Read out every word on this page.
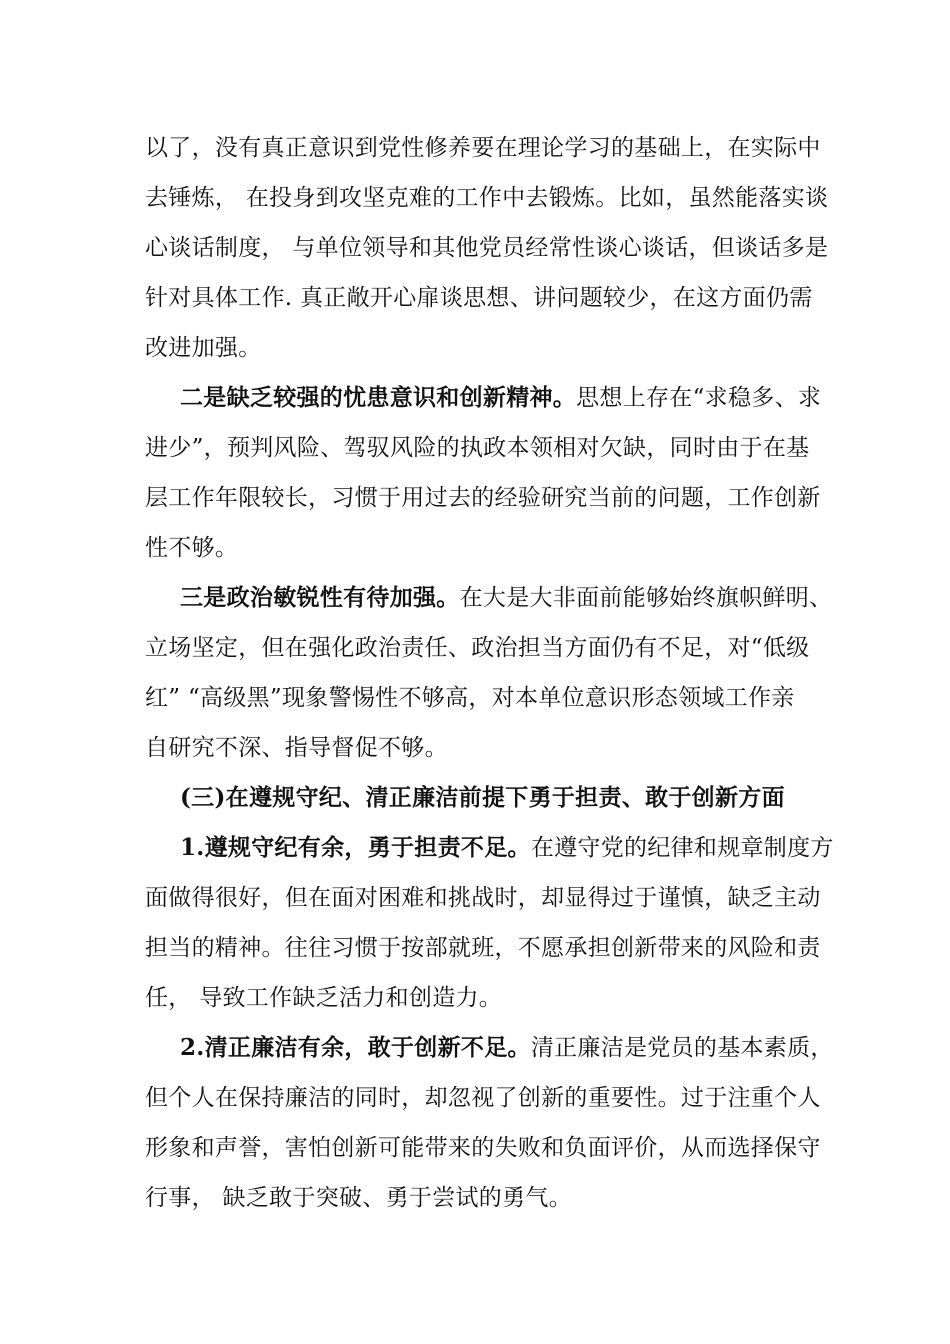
以了，没有真正意识到党性修养要在理论学习的基础上，在实际中
去锤炼， 在投身到攻坚克难的工作中去锻炼。比如，虽然能落实谈
心谈话制度， 与单位领导和其他党员经常性谈心谈话，但谈话多是
针对具体工作. 真正敞开心扉谈思想、讲问题较少，在这方面仍需
改进加强。
二是缺乏较强的忧患意识和创新精神。思想上存在“求稳多、求
进少”，预判风险、驾驭风险的执政本领相对欠缺，同时由于在基
层工作年限较长，习惯于用过去的经验研究当前的问题，工作创新
性不够。
三是政治敏锐性有待加强。在大是大非面前能够始终旗帜鲜明、
立场坚定，但在强化政治责任、政治担当方面仍有不足，对“低级
红” “高级黑”现象警惕性不够高，对本单位意识形态领域工作亲
自研究不深、指导督促不够。
(三)在遵规守纪、清正廉洁前提下勇于担责、敢于创新方面
1.遵规守纪有余，勇于担责不足。在遵守党的纪律和规章制度方
面做得很好，但在面对困难和挑战时，却显得过于谨慎，缺乏主动
担当的精神。往往习惯于按部就班，不愿承担创新带来的风险和责
任， 导致工作缺乏活力和创造力。
2.清正廉洁有余，敢于创新不足。清正廉洁是党员的基本素质，
但个人在保持廉洁的同时，却忽视了创新的重要性。过于注重个人
形象和声誉，害怕创新可能带来的失败和负面评价，从而选择保守
行事， 缺乏敢于突破、勇于尝试的勇气。
